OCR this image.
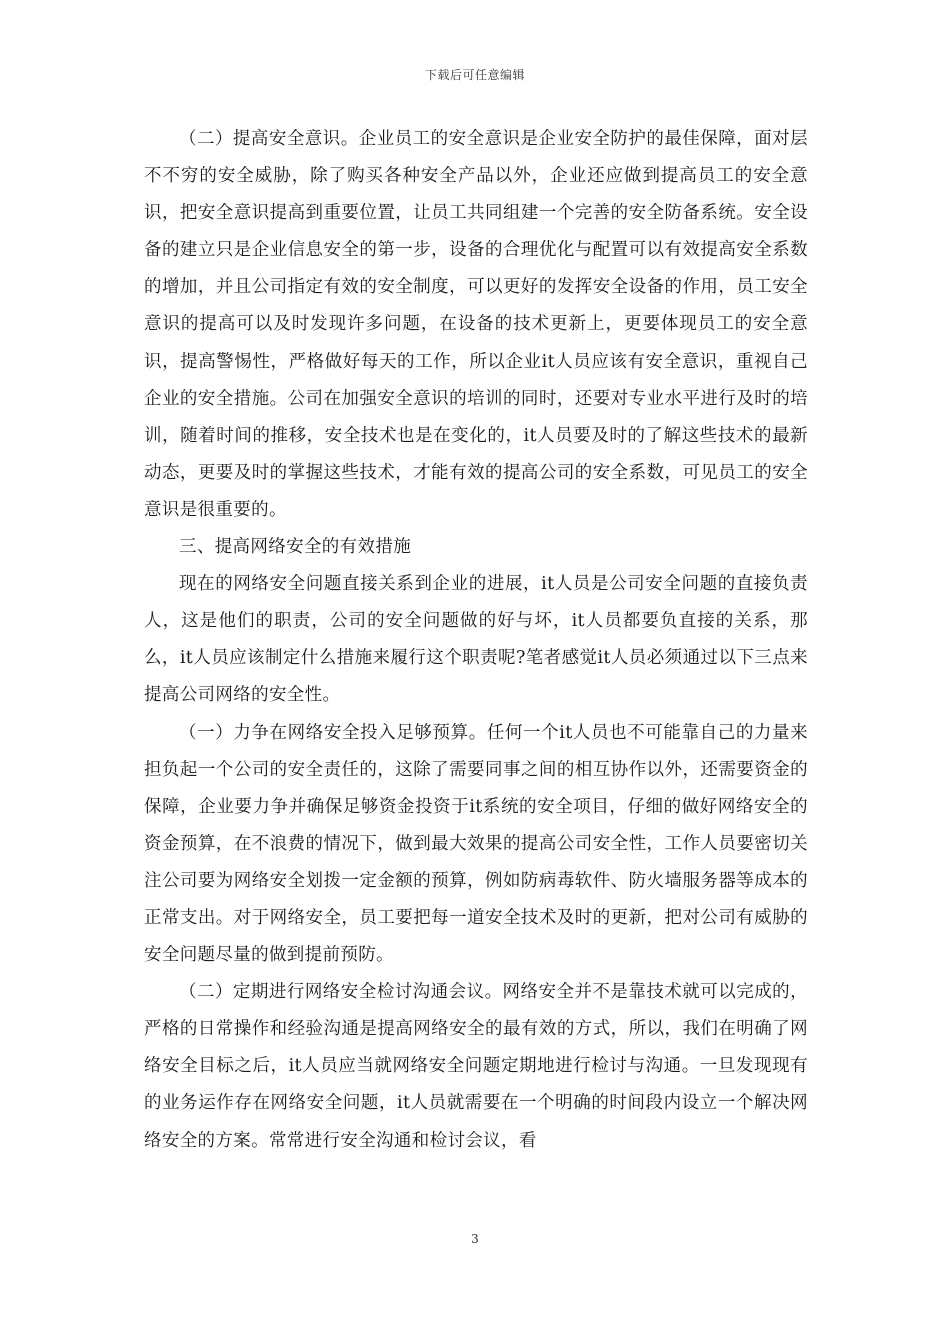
下载后可任意编辑

（二）提高安全意识。企业员工的安全意识是企业安全防护的最佳保障，面对层不不穷的安全威胁，除了购买各种安全产品以外，企业还应做到提高员工的安全意识，把安全意识提高到重要位置，让员工共同组建一个完善的安全防备系统。安全设备的建立只是企业信息安全的第一步，设备的合理优化与配置可以有效提高安全系数的增加，并且公司指定有效的安全制度，可以更好的发挥安全设备的作用，员工安全意识的提高可以及时发现许多问题，在设备的技术更新上，更要体现员工的安全意识，提高警惕性，严格做好每天的工作，所以企业it人员应该有安全意识，重视自己企业的安全措施。公司在加强安全意识的培训的同时，还要对专业水平进行及时的培训，随着时间的推移，安全技术也是在变化的，it人员要及时的了解这些技术的最新动态，更要及时的掌握这些技术，才能有效的提高公司的安全系数，可见员工的安全意识是很重要的。

三、提高网络安全的有效措施

现在的网络安全问题直接关系到企业的进展，it人员是公司安全问题的直接负责人，这是他们的职责，公司的安全问题做的好与坏，it人员都要负直接的关系，那么，it人员应该制定什么措施来履行这个职责呢?笔者感觉it人员必须通过以下三点来提高公司网络的安全性。

（一）力争在网络安全投入足够预算。任何一个it人员也不可能靠自己的力量来担负起一个公司的安全责任的，这除了需要同事之间的相互协作以外，还需要资金的保障，企业要力争并确保足够资金投资于it系统的安全项目，仔细的做好网络安全的资金预算，在不浪费的情况下，做到最大效果的提高公司安全性，工作人员要密切关注公司要为网络安全划拨一定金额的预算，例如防病毒软件、防火墙服务器等成本的正常支出。对于网络安全，员工要把每一道安全技术及时的更新，把对公司有威胁的安全问题尽量的做到提前预防。

（二）定期进行网络安全检讨沟通会议。网络安全并不是靠技术就可以完成的，严格的日常操作和经验沟通是提高网络安全的最有效的方式，所以，我们在明确了网络安全目标之后，it人员应当就网络安全问题定期地进行检讨与沟通。一旦发现现有的业务运作存在网络安全问题，it人员就需要在一个明确的时间段内设立一个解决网络安全的方案。常常进行安全沟通和检讨会议，看

3
